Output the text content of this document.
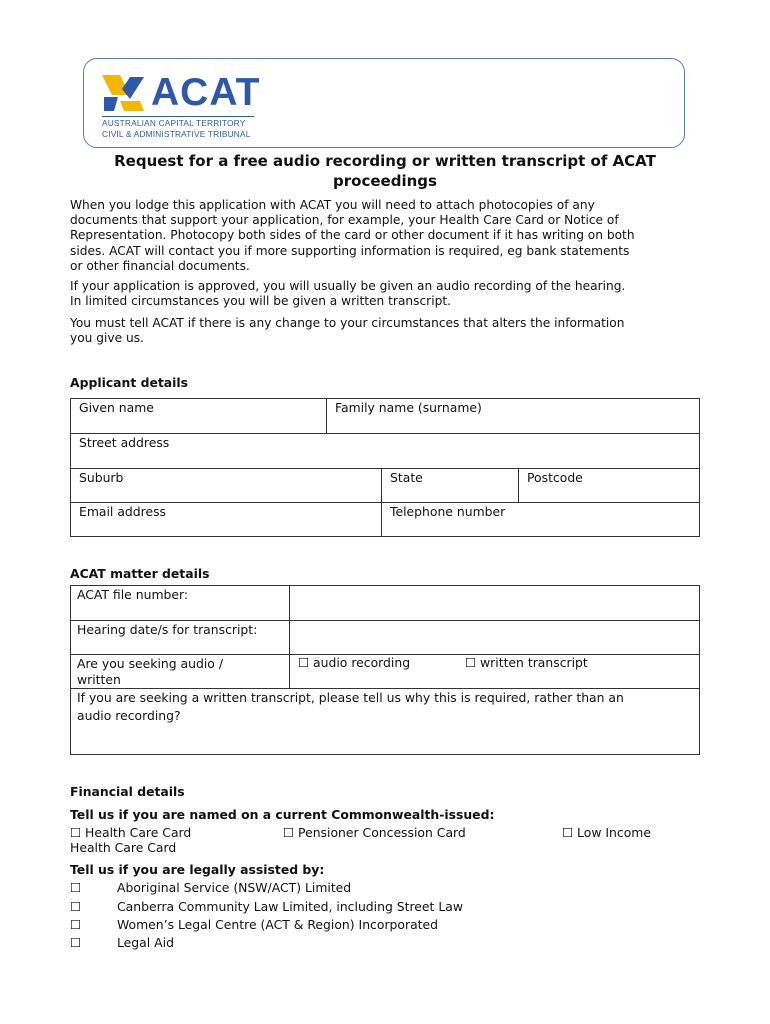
ACAT
AUSTRALIAN CAPITAL TERRITORY
CIVIL & ADMINISTRATIVE TRIBUNAL
Request for a free audio recording or written transcript of ACAT
proceedings
When you lodge this application with ACAT you will need to attach photocopies of any
documents that support your application, for example, your Health Care Card or Notice of
Representation. Photocopy both sides of the card or other document if it has writing on both
sides. ACAT will contact you if more supporting information is required, eg bank statements
or other financial documents.
If your application is approved, you will usually be given an audio recording of the hearing.
In limited circumstances you will be given a written transcript.
You must tell ACAT if there is any change to your circumstances that alters the information
you give us.
Applicant details
Given name	Family name (surname)
Street address
Suburb	State	Postcode
Email address	Telephone number
ACAT matter details
ACAT file number:
Hearing date/s for transcript:
Are you seeking audio /
written
☐ audio recording	☐ written transcript
If you are seeking a written transcript, please tell us why this is required, rather than an
audio recording?
Financial details
Tell us if you are named on a current Commonwealth-issued:
☐ Health Care Card	☐ Pensioner Concession Card	☐ Low Income
Health Care Card
Tell us if you are legally assisted by:
☐	Aboriginal Service (NSW/ACT) Limited
☐	Canberra Community Law Limited, including Street Law
☐	Women’s Legal Centre (ACT & Region) Incorporated
☐	Legal Aid
